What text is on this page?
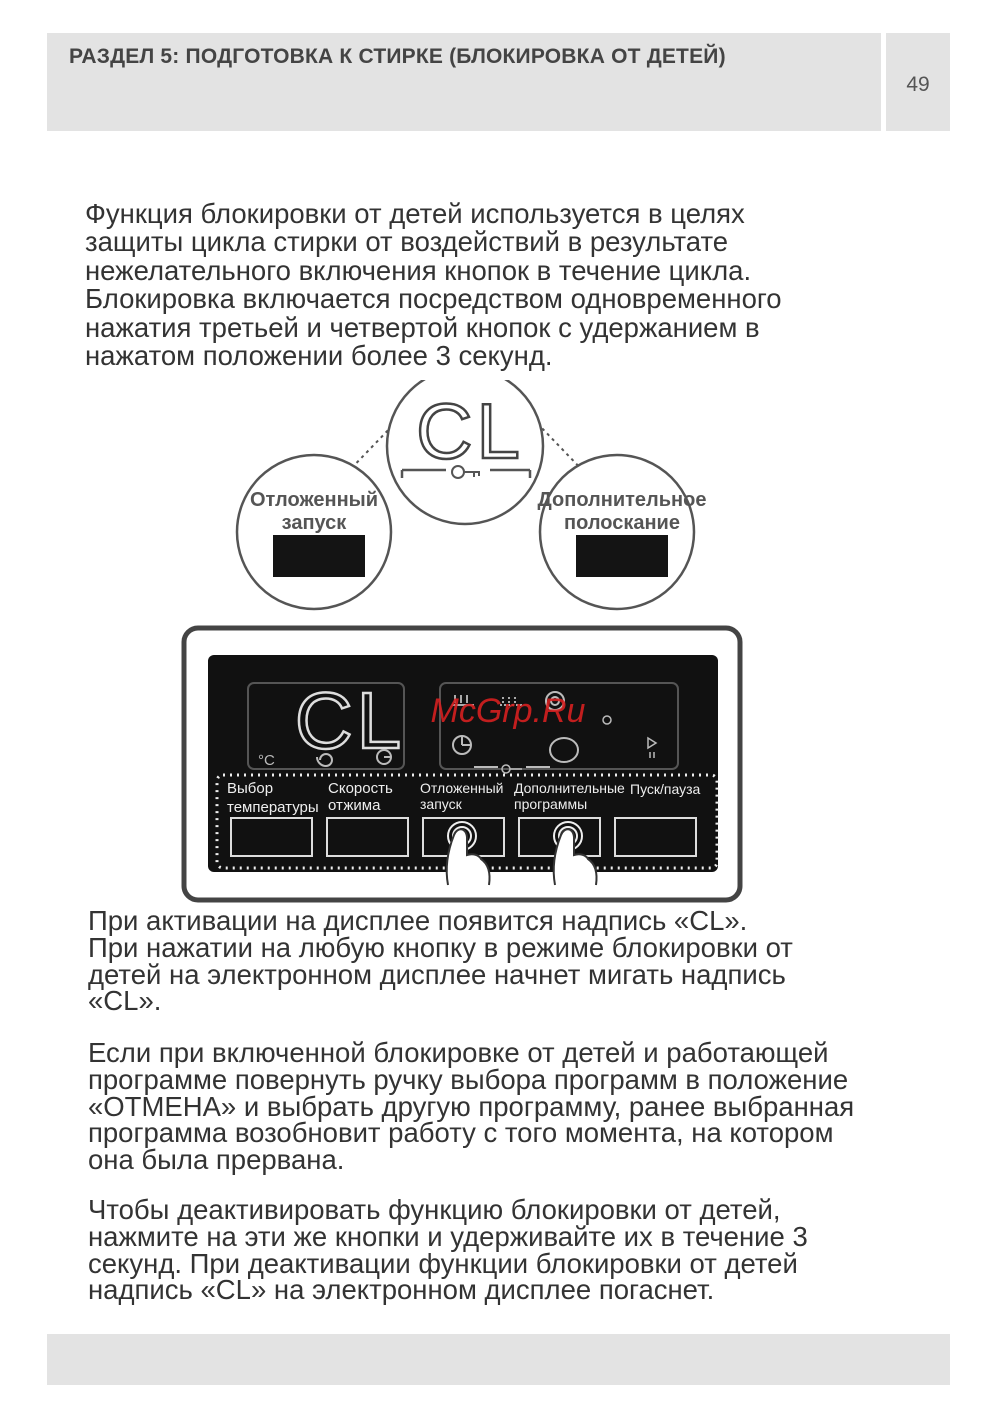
РАЗДЕЛ 5: ПОДГОТОВКА К СТИРКЕ (БЛОКИРОВКА ОТ ДЕТЕЙ)
49
Функция блокировки от детей используется в целях
защиты цикла стирки от воздействий в результате
нежелательного включения кнопок в течение цикла.
Блокировка включается посредством одновременного
нажатия третьей и четвертой кнопок с удержанием в
нажатом положении более 3 секунд.
CL
Отложенный
запуск
Дополнительное
полоскание
CL
°C
McGrp.Ru
Выбор
температуры
Скорость
отжима
Отложенный
запуск
Дополнительные
программы
Пуск/пауза
При активации на дисплее появится надпись «CL».
При нажатии на любую кнопку в режиме блокировки от
детей на электронном дисплее начнет мигать надпись
«CL».
Если при включенной блокировке от детей и работающей
программе повернуть ручку выбора программ в положение
«ОТМЕНА» и выбрать другую программу, ранее выбранная
программа возобновит работу с того момента, на котором
она была прервана.
Чтобы деактивировать функцию блокировки от детей,
нажмите на эти же кнопки и удерживайте их в течение 3
секунд. При деактивации функции блокировки от детей
надпись «CL» на электронном дисплее погаснет.
